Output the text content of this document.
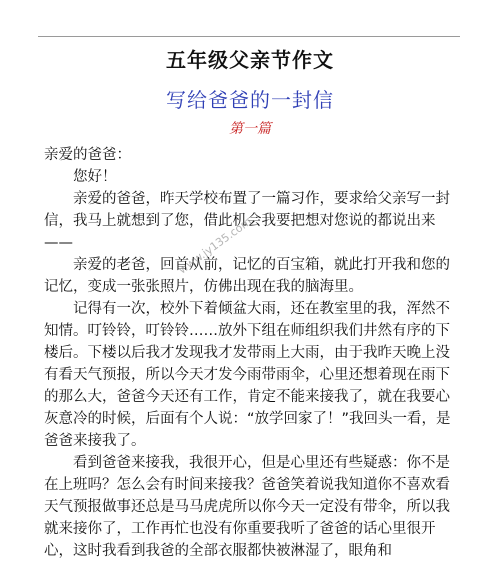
五年级父亲节作文
写给爸爸的一封信
第一篇

亲爱的爸爸：

您好！

亲爱的爸爸，昨天学校布置了一篇习作，要求给父亲写一封信，我马上就想到了您，借此机会我要把想对您说的都说出来——

亲爱的老爸，回首从前，记忆的百宝箱，就此打开我和您的记忆，变成一张张照片，仿佛出现在我的脑海里。

记得有一次，校外下着倾盆大雨，还在教室里的我，浑然不知情。叮铃铃，叮铃铃……放外下组在师组织我们井然有序的下楼后。下楼以后我才发现我才发带雨上大雨，由于我昨天晚上没有看天气预报，所以今天才发今雨带雨伞，心里还想着现在雨下的那么大，爸爸今天还有工作，肯定不能来接我了，就在我要心灰意冷的时候，后面有个人说：“放学回家了！”我回头一看，是爸爸来接我了。

看到爸爸来接我，我很开心，但是心里还有些疑惑：你不是在上班吗？怎么会有时间来接我？爸爸笑着说我知道你不喜欢看天气预报做事还总是马马虎虎所以你今天一定没有带伞，所以我就来接你了，工作再忙也没有你重要我听了爸爸的话心里很开心，这时我看到我爸的全部衣服都快被淋湿了，眼角和

www.jy135.com
